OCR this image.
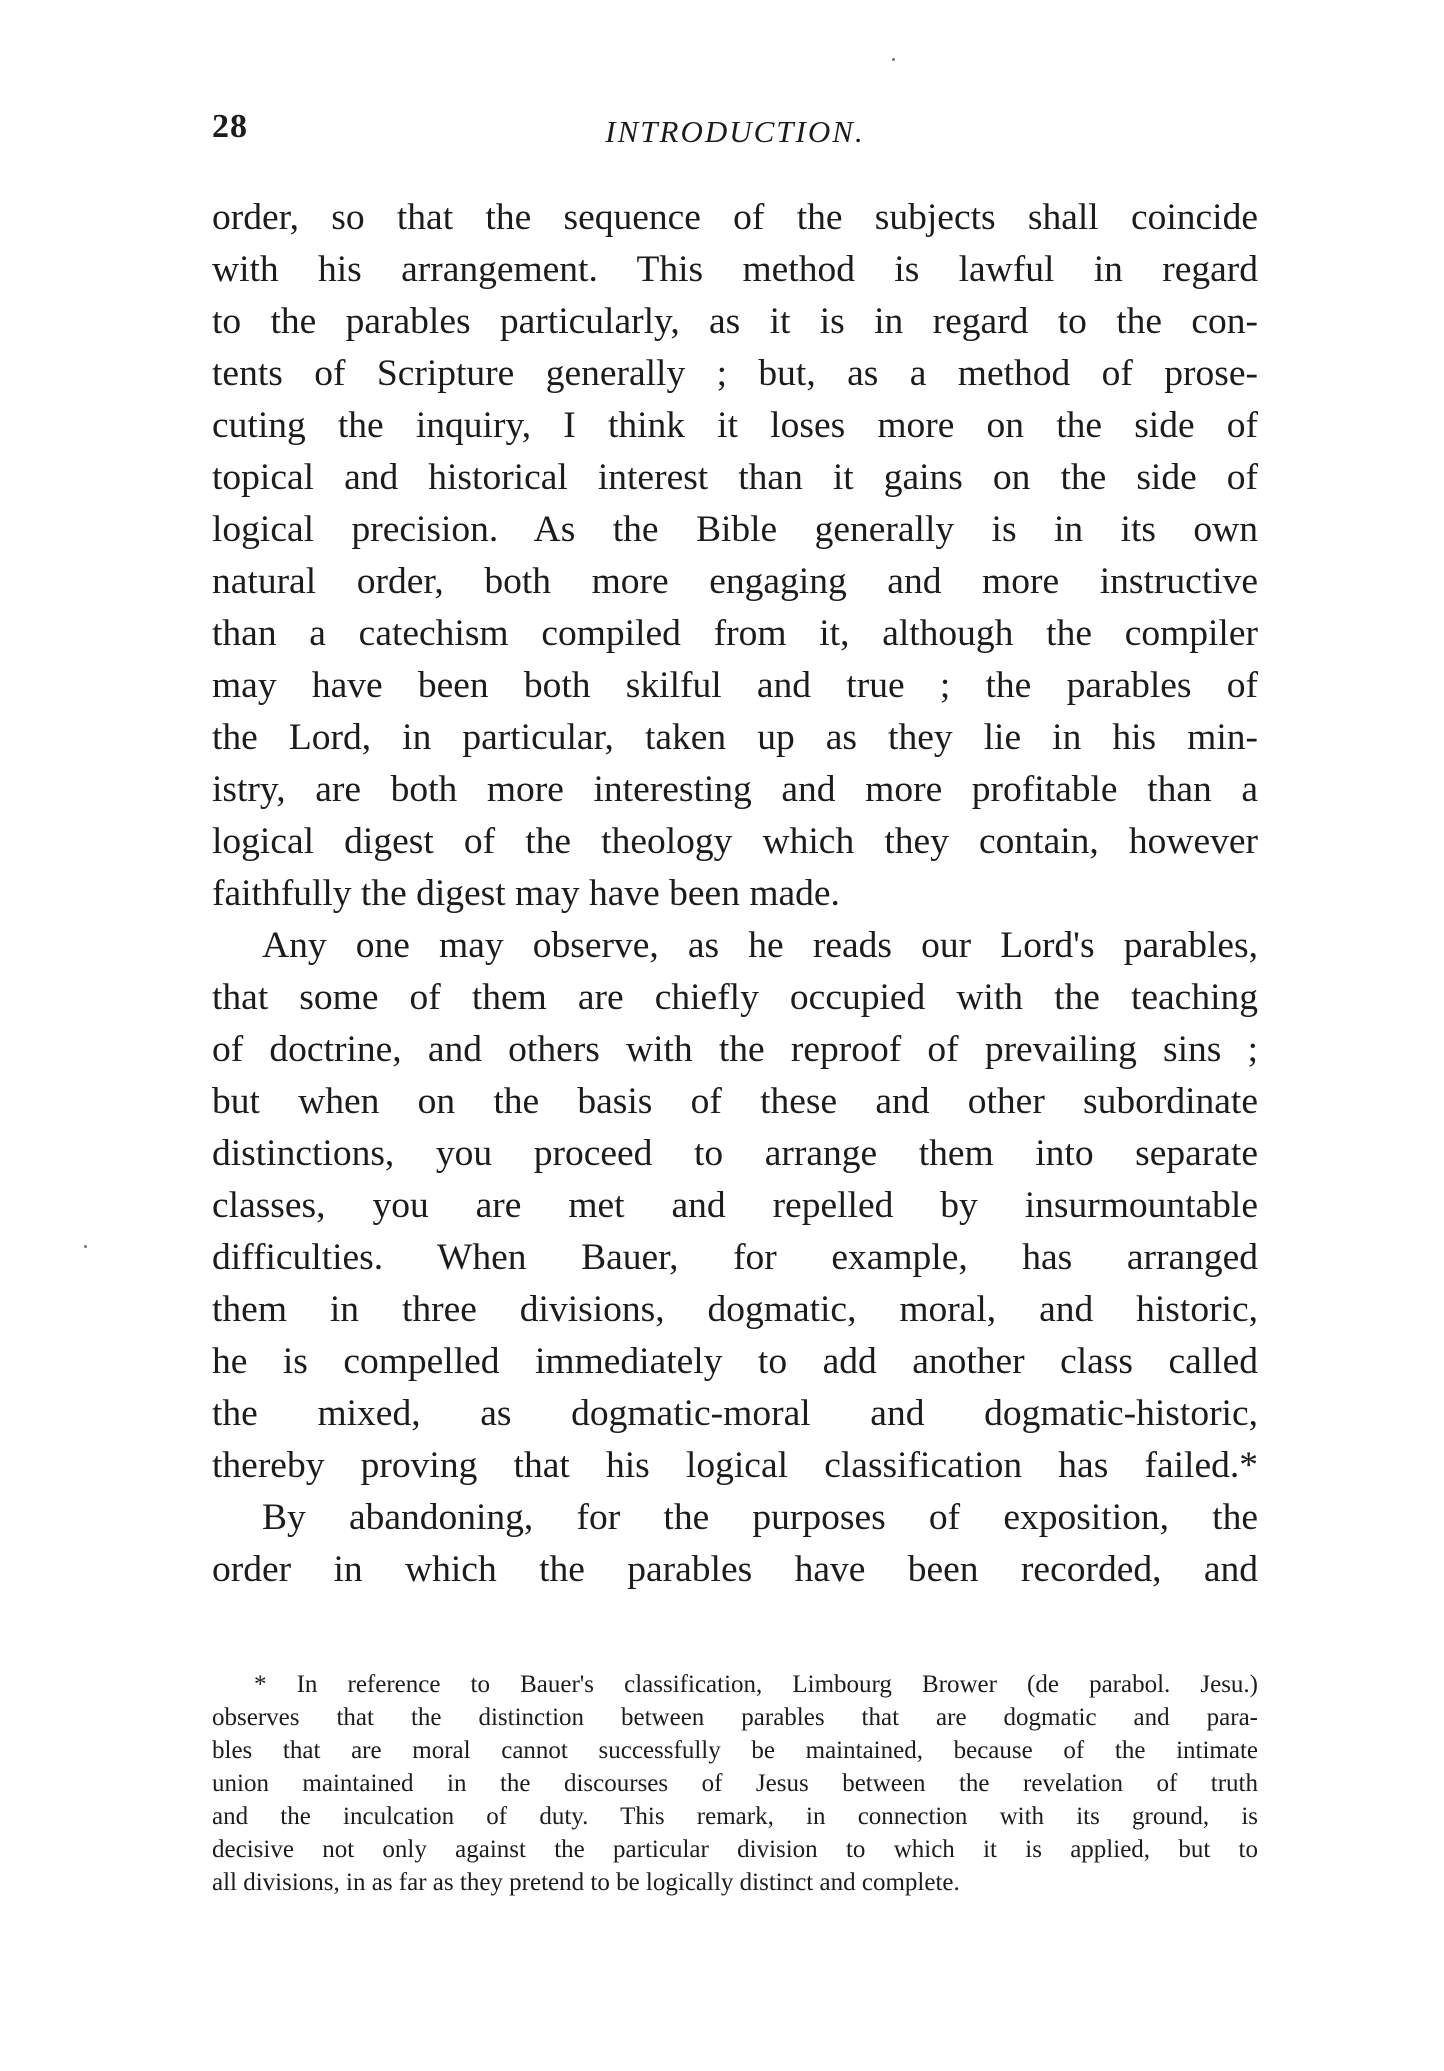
28	INTRODUCTION.
order, so that the sequence of the subjects shall coincide
with his arrangement. This method is lawful in regard
to the parables particularly, as it is in regard to the con-
tents of Scripture generally ; but, as a method of prose-
cuting the inquiry, I think it loses more on the side of
topical and historical interest than it gains on the side of
logical precision. As the Bible generally is in its own
natural order, both more engaging and more instructive
than a catechism compiled from it, although the compiler
may have been both skilful and true ; the parables of
the Lord, in particular, taken up as they lie in his min-
istry, are both more interesting and more profitable than a
logical digest of the theology which they contain, however
faithfully the digest may have been made.
Any one may observe, as he reads our Lord's parables,
that some of them are chiefly occupied with the teaching
of doctrine, and others with the reproof of prevailing sins ;
but when on the basis of these and other subordinate
distinctions, you proceed to arrange them into separate
classes, you are met and repelled by insurmountable
difficulties. When Bauer, for example, has arranged
them in three divisions, dogmatic, moral, and historic,
he is compelled immediately to add another class called
the mixed, as dogmatic-moral and dogmatic-historic,
thereby proving that his logical classification has failed.*
By abandoning, for the purposes of exposition, the
order in which the parables have been recorded, and
* In reference to Bauer's classification, Limbourg Brower (de parabol. Jesu.)
observes that the distinction between parables that are dogmatic and para-
bles that are moral cannot successfully be maintained, because of the intimate
union maintained in the discourses of Jesus between the revelation of truth
and the inculcation of duty. This remark, in connection with its ground, is
decisive not only against the particular division to which it is applied, but to
all divisions, in as far as they pretend to be logically distinct and complete.
